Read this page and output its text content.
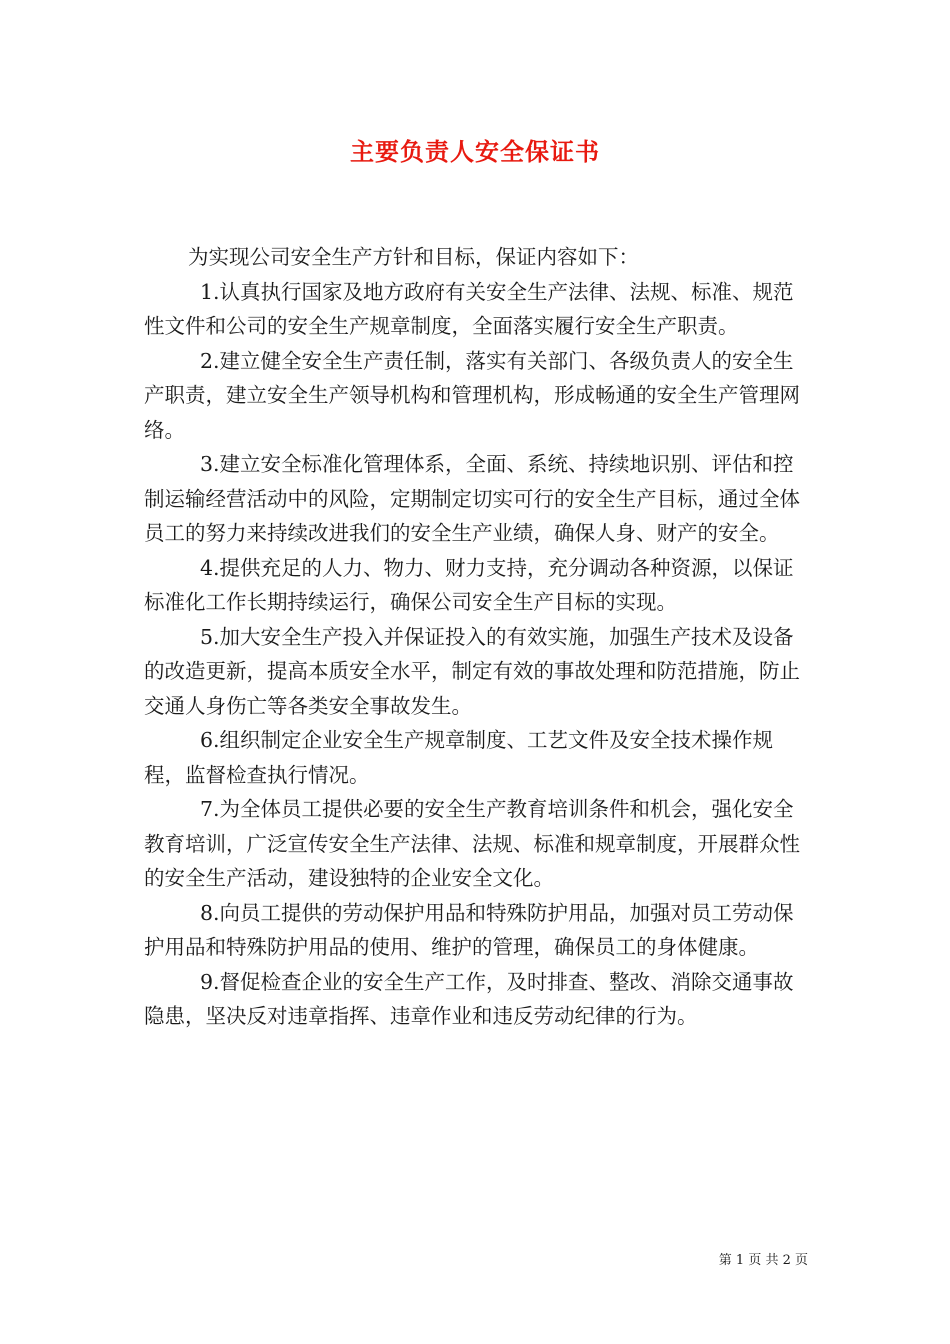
主要负责人安全保证书

为实现公司安全生产方针和目标，保证内容如下：

1.认真执行国家及地方政府有关安全生产法律、法规、标准、规范性文件和公司的安全生产规章制度，全面落实履行安全生产职责。

2.建立健全安全生产责任制，落实有关部门、各级负责人的安全生产职责，建立安全生产领导机构和管理机构，形成畅通的安全生产管理网络。

3.建立安全标准化管理体系，全面、系统、持续地识别、评估和控制运输经营活动中的风险，定期制定切实可行的安全生产目标，通过全体员工的努力来持续改进我们的安全生产业绩，确保人身、财产的安全。

4.提供充足的人力、物力、财力支持，充分调动各种资源，以保证标准化工作长期持续运行，确保公司安全生产目标的实现。

5.加大安全生产投入并保证投入的有效实施，加强生产技术及设备的改造更新，提高本质安全水平，制定有效的事故处理和防范措施，防止交通人身伤亡等各类安全事故发生。

6.组织制定企业安全生产规章制度、工艺文件及安全技术操作规程，监督检查执行情况。

7.为全体员工提供必要的安全生产教育培训条件和机会，强化安全教育培训，广泛宣传安全生产法律、法规、标准和规章制度，开展群众性的安全生产活动，建设独特的企业安全文化。

8.向员工提供的劳动保护用品和特殊防护用品，加强对员工劳动保护用品和特殊防护用品的使用、维护的管理，确保员工的身体健康。

9.督促检查企业的安全生产工作，及时排查、整改、消除交通事故隐患，坚决反对违章指挥、违章作业和违反劳动纪律的行为。

第 1 页 共 2 页
